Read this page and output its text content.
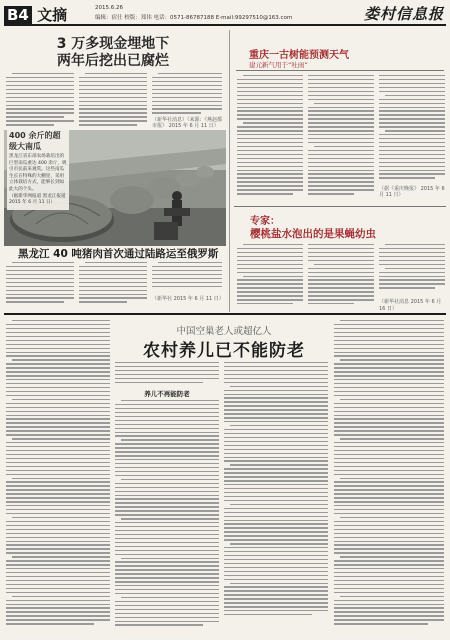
B4 文摘	2015.6.26
编辑：宿仕 校版：郑伟 电话：0571-86787188 E-mail:99297510@163.com	娄村信息报
3 万多现金埋地下
两年后挖出已腐烂
（新华社消息）（来源：《燕赵都市报》 2015 年 6 月 11 日）
400 余斤的超级大南瓜
黑龙江省东部农场栽培出的巨型南瓜重达 400 余斤，吸引市民前来观赏。这些南瓜生长在特殊的大棚里，采用立体栽培方式，能够长到如此大的个头。
（据新华网报道 黑龙江报道 2015 年 6 月 11 日）
黑龙江 40 吨猪肉首次通过陆路运至俄罗斯
（新华社 2015 年 6 月 11 日）
重庆一古树能预测天气
建元新气用于“吐雨”
（据《重庆晚报》 2015 年 6 月 11 日）
专家：
樱桃盐水泡出的是果蝇幼虫
（新华社消息 2015 年 6 月 16 日）
中国空巢老人或超亿人
农村养儿已不能防老
养儿不再能防老
